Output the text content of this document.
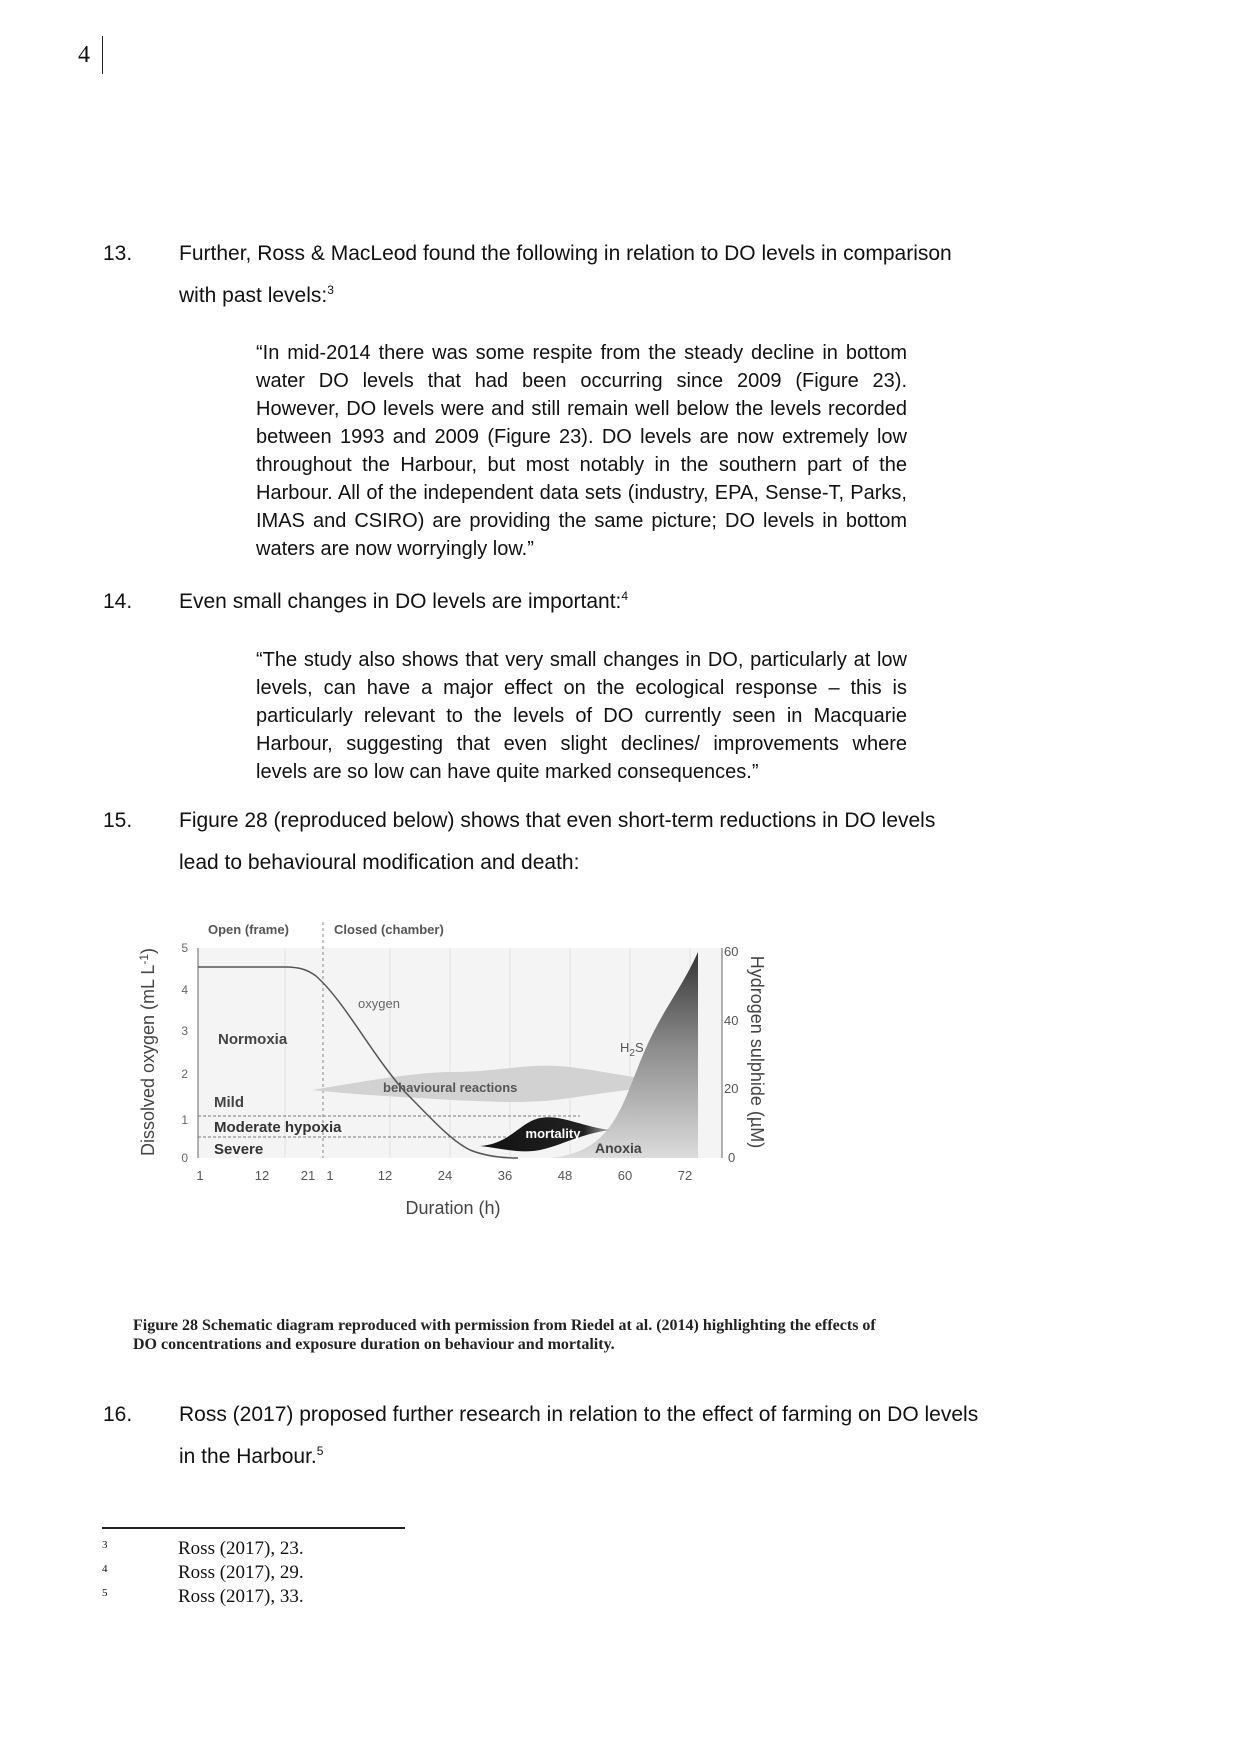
4
13. Further, Ross & MacLeod found the following in relation to DO levels in comparison with past levels:$^3$
“In mid-2014 there was some respite from the steady decline in bottom water DO levels that had been occurring since 2009 (Figure 23). However, DO levels were and still remain well below the levels recorded between 1993 and 2009 (Figure 23). DO levels are now extremely low throughout the Harbour, but most notably in the southern part of the Harbour. All of the independent data sets (industry, EPA, Sense-T, Parks, IMAS and CSIRO) are providing the same picture; DO levels in bottom waters are now worryingly low.”
14. Even small changes in DO levels are important:$^4$
“The study also shows that very small changes in DO, particularly at low levels, can have a major effect on the ecological response – this is particularly relevant to the levels of DO currently seen in Macquarie Harbour, suggesting that even slight declines/ improvements where levels are so low can have quite marked consequences.”
15. Figure 28 (reproduced below) shows that even short-term reductions in DO levels lead to behavioural modification and death:
0
1
2
3
4
5
0
20
40
60
1	12 21 1	12	24	36	48	60	72
Open (frame)	Closed (chamber)
Normoxia
Mild
Moderate hypoxia
Severe
oxygen
behavioural reactions
mortality
Anoxia
$H_2S$
Dissolved oxygen (mL $L^{-1}$)
Hydrogen sulphide (µM)
Duration (h)
Figure 28 Schematic diagram reproduced with permission from Riedel at al. (2014) highlighting the effects of DO concentrations and exposure duration on behaviour and mortality.
16. Ross (2017) proposed further research in relation to the effect of farming on DO levels in the Harbour.$^5$
3	Ross (2017), 23.
4	Ross (2017), 29.
5	Ross (2017), 33.
